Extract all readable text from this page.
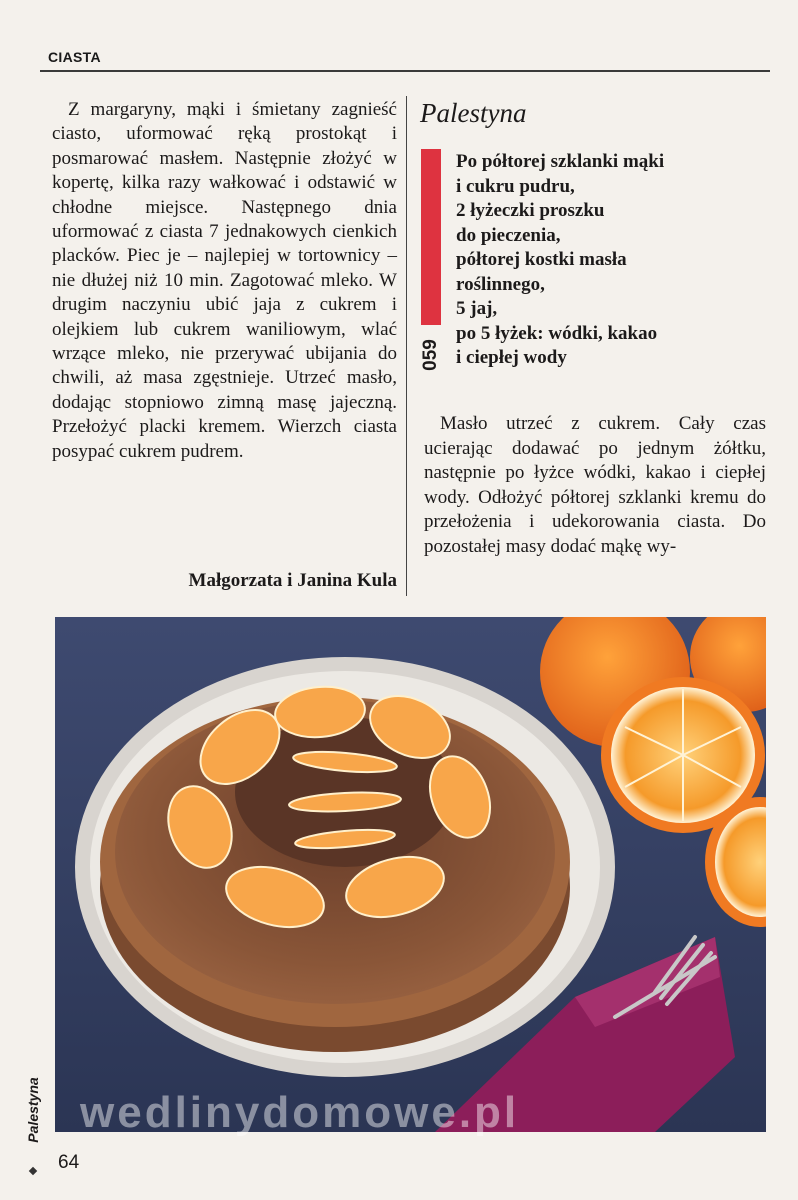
CIASTA
Z margaryny, mąki i śmietany zagnieść ciasto, uformować ręką prostokąt i posmarować masłem. Następnie złożyć w kopertę, kilka razy wałkować i odstawić w chłodne miejsce. Następnego dnia uformować z ciasta 7 jednakowych cienkich placków. Piec je – najlepiej w tortownicy – nie dłużej niż 10 min. Zagotować mleko. W drugim naczyniu ubić jaja z cukrem i olejkiem lub cukrem waniliowym, wlać wrzące mleko, nie przerywać ubijania do chwili, aż masa zgęstnieje. Utrzeć masło, dodając stopniowo zimną masę jajeczną. Przełożyć placki kremem. Wierzch ciasta posypać cukrem pudrem.
Małgorzata i Janina Kula
Palestyna
059
Po półtorej szklanki mąki
i cukru pudru,
2 łyżeczki proszku
do pieczenia,
półtorej kostki masła
roślinnego,
5 jaj,
po 5 łyżek: wódki, kakao
i ciepłej wody
Masło utrzeć z cukrem. Cały czas ucierając dodawać po jednym żółtku, następnie po łyżce wódki, kakao i ciepłej wody. Odłożyć półtorej szklanki kremu do przełożenia i udekorowania ciasta. Do pozostałej masy dodać mąkę wy-
wedlinydomowe.pl
Palestyna
64
